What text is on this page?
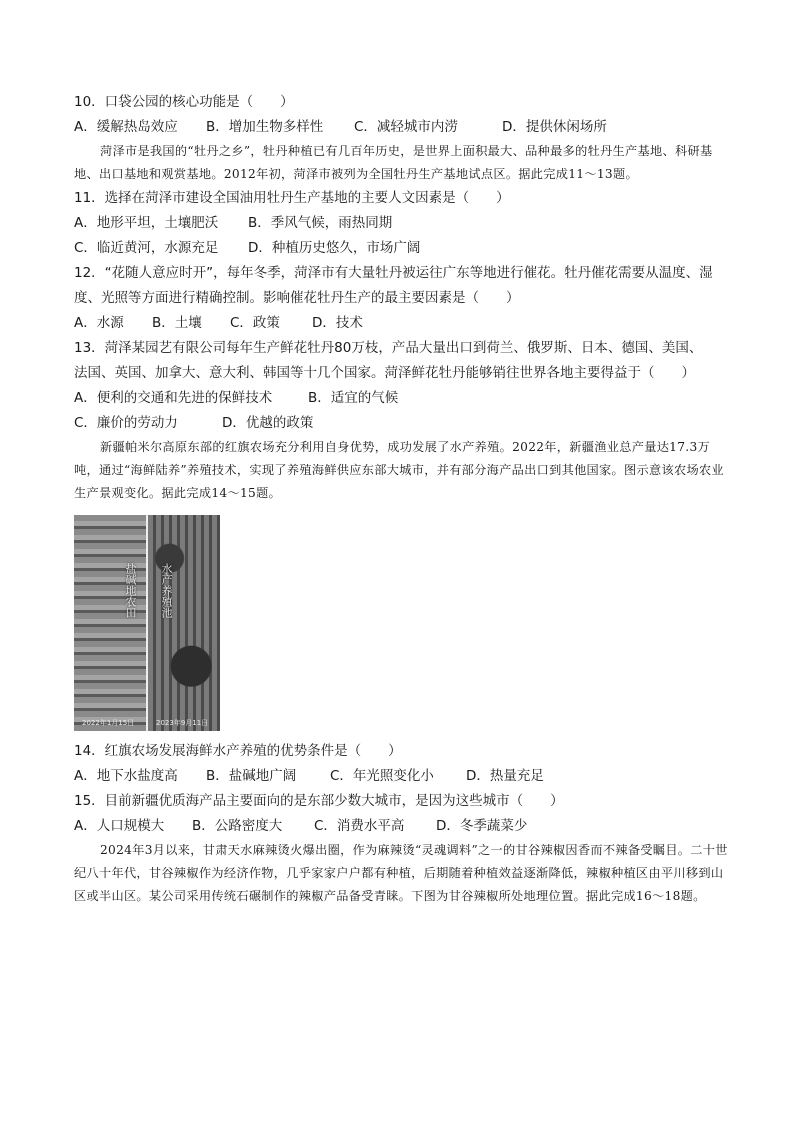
10．口袋公园的核心功能是（　　）
A．缓解热岛效应 B．增加生物多样性 C．减轻城市内涝	D．提供休闲场所
菏泽市是我国的“牡丹之乡”，牡丹种植已有几百年历史，是世界上面积最大、品种最多的牡丹生产基地、科研基地、出口基地和观赏基地。2012年初，菏泽市被列为全国牡丹生产基地试点区。据此完成11～13题。
11．选择在菏泽市建设全国油用牡丹生产基地的主要人文因素是（　　）
A．地形平坦，土壤肥沃 B．季风气候，雨热同期
C．临近黄河，水源充足 D．种植历史悠久，市场广阔
12．“花随人意应时开”，每年冬季，菏泽市有大量牡丹被运往广东等地进行催花。牡丹催花需要从温度、湿
度、光照等方面进行精确控制。影响催花牡丹生产的最主要因素是（　　）
A．水源 B．土壤 C．政策 D．技术
13．菏泽某园艺有限公司每年生产鲜花牡丹80万枝，产品大量出口到荷兰、俄罗斯、日本、德国、美国、
法国、英国、加拿大、意大利、韩国等十几个国家。菏泽鲜花牡丹能够销往世界各地主要得益于（　　）
A．便利的交通和先进的保鲜技术	B．适宜的气候
C．廉价的劳动力	D．优越的政策
新疆帕米尔高原东部的红旗农场充分利用自身优势，成功发展了水产养殖。2022年，新疆渔业总产量达17.3万吨，通过“海鲜陆养”养殖技术，实现了养殖海鲜供应东部大城市，并有部分海产品出口到其他国家。图示意该农场农业生产景观变化。据此完成14～15题。
盐碱地农田 水产养殖池
2022年1月15日	2023年9月11日
14．红旗农场发展海鲜水产养殖的优势条件是（　　）
A．地下水盐度高 B．盐碱地广阔 C．年光照变化小 D．热量充足
15．目前新疆优质海产品主要面向的是东部少数大城市，是因为这些城市（　　）
A．人口规模大 B．公路密度大 C．消费水平高 D．冬季蔬菜少
2024年3月以来，甘肃天水麻辣烫火爆出圈，作为麻辣烫“灵魂调料”之一的甘谷辣椒因香而不辣备受瞩目。二十世纪八十年代，甘谷辣椒作为经济作物，几乎家家户户都有种植，后期随着种植效益逐渐降低，辣椒种植区由平川移到山区或半山区。某公司采用传统石碾制作的辣椒产品备受青睐。下图为甘谷辣椒所处地理位置。据此完成16～18题。
